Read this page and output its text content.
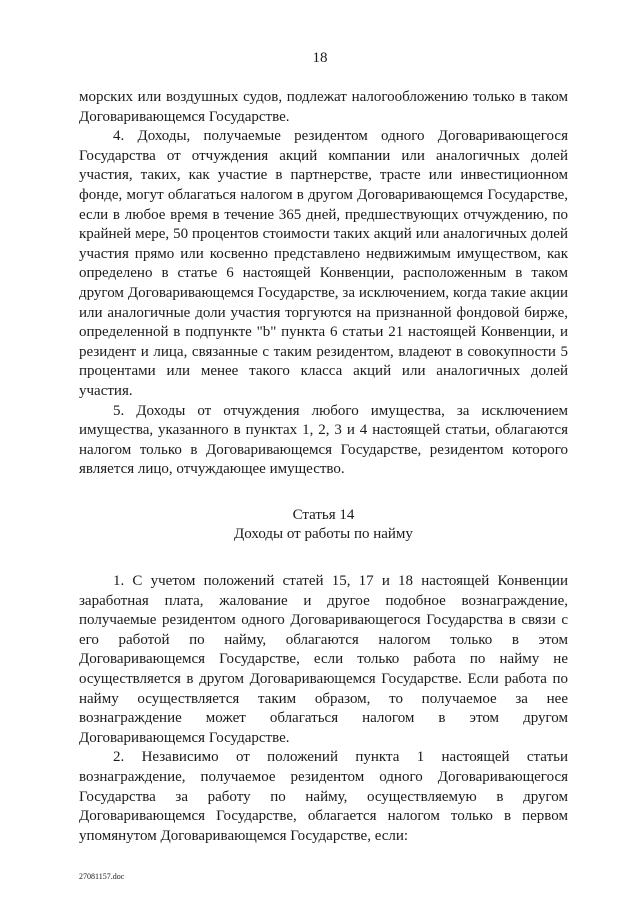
18

морских или воздушных судов, подлежат налогообложению только в таком Договаривающемся Государстве.

4. Доходы, получаемые резидентом одного Договаривающегося Государства от отчуждения акций компании или аналогичных долей участия, таких, как участие в партнерстве, трасте или инвестиционном фонде, могут облагаться налогом в другом Договаривающемся Государстве, если в любое время в течение 365 дней, предшествующих отчуждению, по крайней мере, 50 процентов стоимости таких акций или аналогичных долей участия прямо или косвенно представлено недвижимым имуществом, как определено в статье 6 настоящей Конвенции, расположенным в таком другом Договаривающемся Государстве, за исключением, когда такие акции или аналогичные доли участия торгуются на признанной фондовой бирже, определенной в подпункте "b" пункта 6 статьи 21 настоящей Конвенции, и резидент и лица, связанные с таким резидентом, владеют в совокупности 5 процентами или менее такого класса акций или аналогичных долей участия.

5. Доходы от отчуждения любого имущества, за исключением имущества, указанного в пунктах 1, 2, 3 и 4 настоящей статьи, облагаются налогом только в Договаривающемся Государстве, резидентом которого является лицо, отчуждающее имущество.

Статья 14

Доходы от работы по найму

1. С учетом положений статей 15, 17 и 18 настоящей Конвенции заработная плата, жалование и другое подобное вознаграждение, получаемые резидентом одного Договаривающегося Государства в связи с его работой по найму, облагаются налогом только в этом Договаривающемся Государстве, если только работа по найму не осуществляется в другом Договаривающемся Государстве. Если работа по найму осуществляется таким образом, то получаемое за нее вознаграждение может облагаться налогом в этом другом Договаривающемся Государстве.

2. Независимо от положений пункта 1 настоящей статьи вознаграждение, получаемое резидентом одного Договаривающегося Государства за работу по найму, осуществляемую в другом Договаривающемся Государстве, облагается налогом только в первом упомянутом Договаривающемся Государстве, если:

27081157.doc
